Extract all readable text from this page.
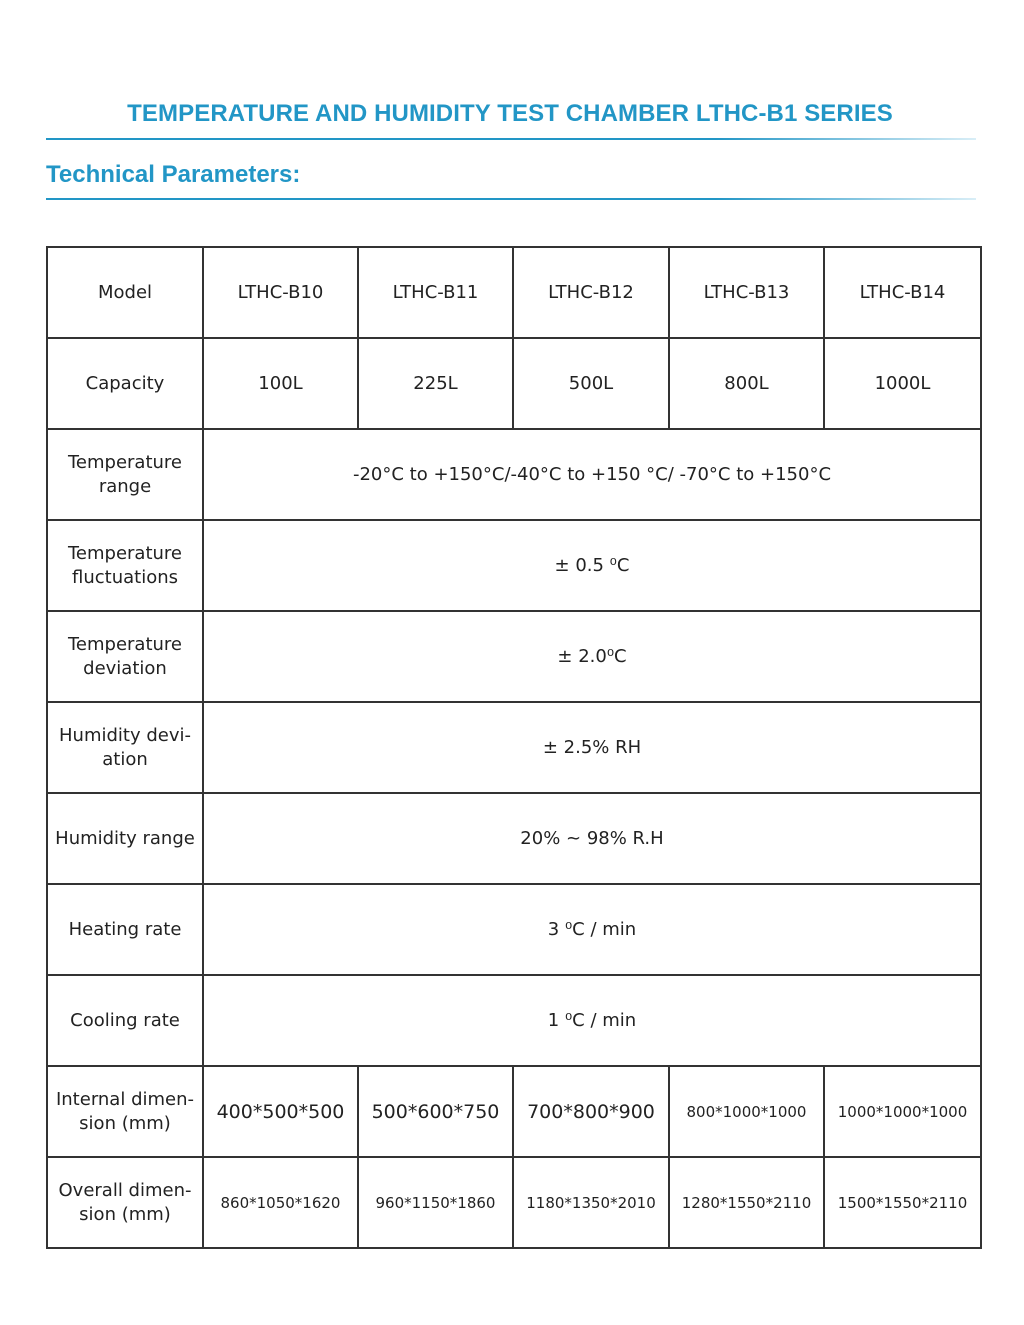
TEMPERATURE AND HUMIDITY TEST CHAMBER LTHC-B1 SERIES
Technical Parameters:
Model	LTHC-B10	LTHC-B11	LTHC-B12	LTHC-B13	LTHC-B14
Capacity	100L	225L	500L	800L	1000L
Temperature range	-20°C to +150°C/-40°C to +150 °C/ -70°C to +150°C				
Temperature fluctuations	± 0.5 ⁰C				
Temperature deviation	± 2.0⁰C				
Humidity devi-ation	± 2.5% RH				
Humidity range	20% ~ 98% R.H				
Heating rate	3 ⁰C / min				
Cooling rate	1 ⁰C / min				
Internal dimen-sion (mm)	400*500*500	500*600*750	700*800*900	800*1000*1000	1000*1000*1000
Overall dimen-sion (mm)	860*1050*1620	960*1150*1860	1180*1350*2010	1280*1550*2110	1500*1550*2110
